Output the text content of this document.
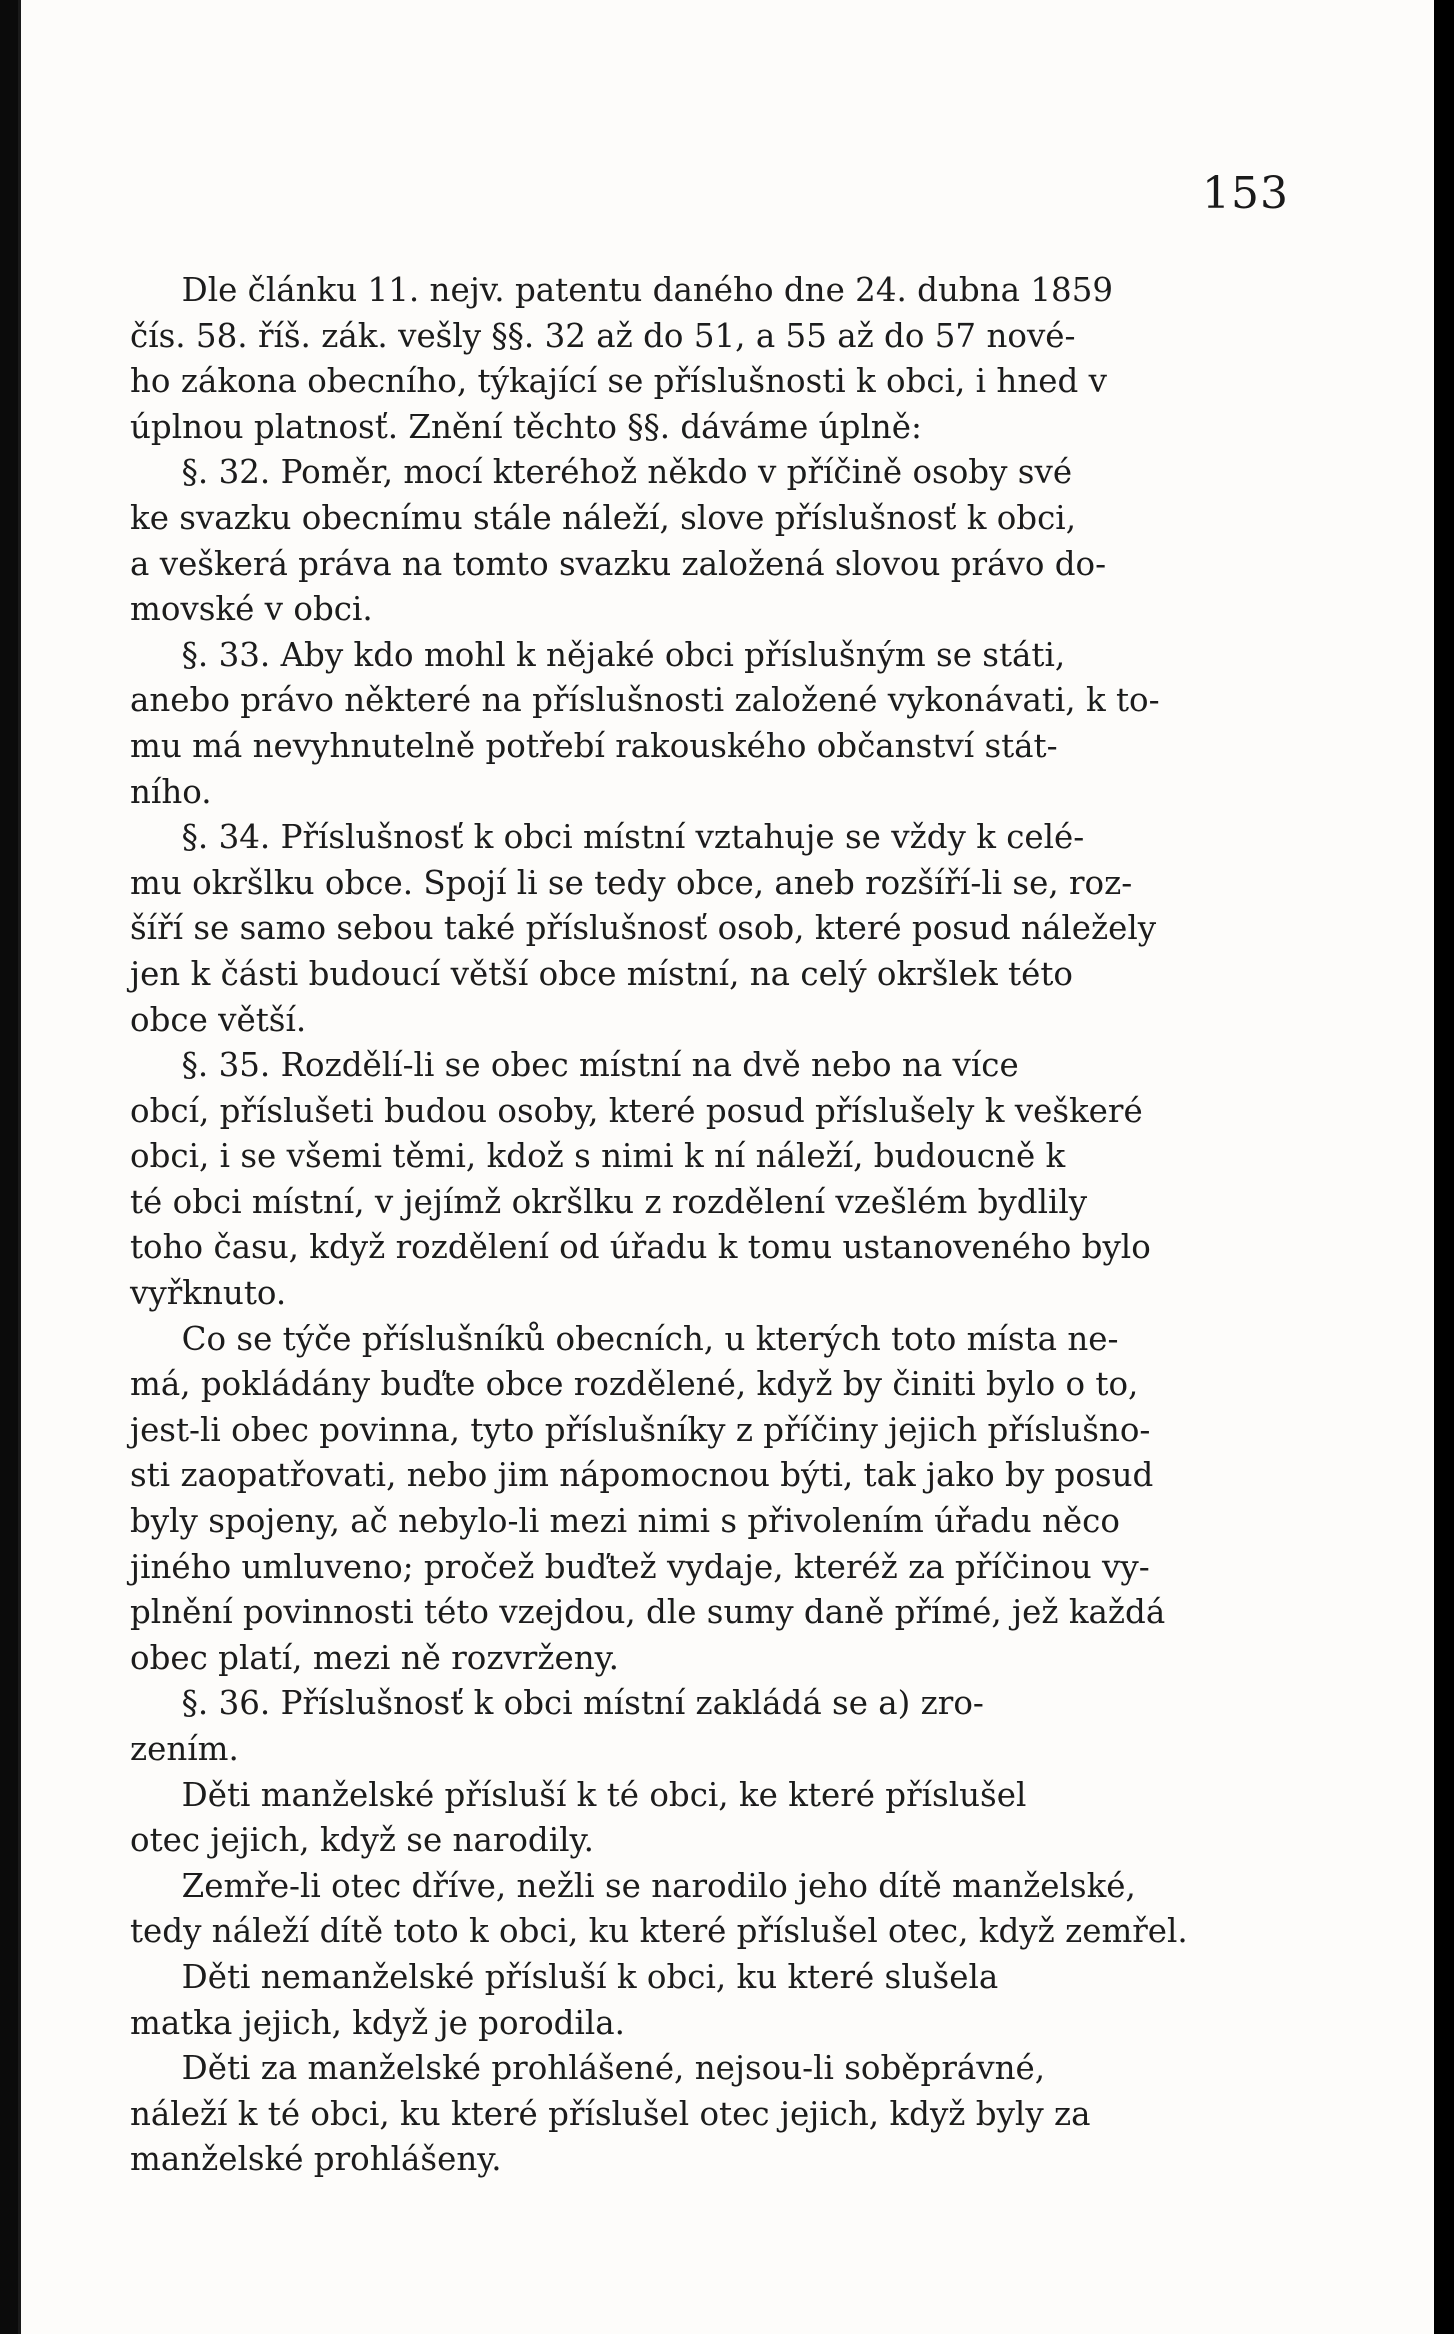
153
Dle článku 11. nejv. patentu daného dne 24. dubna 1859
čís. 58. říš. zák. vešly §§. 32 až do 51, a 55 až do 57 nové-
ho zákona obecního, týkající se příslušnosti k obci, i hned v
úplnou platnosť. Znění těchto §§. dáváme úplně:
§. 32. Poměr, mocí kteréhož někdo v příčině osoby své
ke svazku obecnímu stále náleží, slove příslušnosť k obci,
a veškerá práva na tomto svazku založená slovou právo do-
movské v obci.
§. 33. Aby kdo mohl k nějaké obci příslušným se státi,
anebo právo některé na příslušnosti založené vykonávati, k to-
mu má nevyhnutelně potřebí rakouského občanství stát-
ního.
§. 34. Příslušnosť k obci místní vztahuje se vždy k celé-
mu okršlku obce. Spojí li se tedy obce, aneb rozšíří-li se, roz-
šíří se samo sebou také příslušnosť osob, které posud náležely
jen k části budoucí větší obce místní, na celý okršlek této
obce větší.
§. 35. Rozdělí-li se obec místní na dvě nebo na více
obcí, příslušeti budou osoby, které posud příslušely k veškeré
obci, i se všemi těmi, kdož s nimi k ní náleží, budoucně k
té obci místní, v jejímž okršlku z rozdělení vzešlém bydlily
toho času, když rozdělení od úřadu k tomu ustanoveného bylo
vyřknuto.
Co se týče příslušníků obecních, u kterých toto místa ne-
má, pokládány buďte obce rozdělené, když by činiti bylo o to,
jest-li obec povinna, tyto příslušníky z příčiny jejich příslušno-
sti zaopatřovati, nebo jim nápomocnou býti, tak jako by posud
byly spojeny, ač nebylo-li mezi nimi s přivolením úřadu něco
jiného umluveno; pročež buďtež vydaje, kteréž za příčinou vy-
plnění povinnosti této vzejdou, dle sumy daně přímé, jež každá
obec platí, mezi ně rozvrženy.
§. 36. Příslušnosť k obci místní zakládá se a) zro-
zením.
Děti manželské přísluší k té obci, ke které příslušel
otec jejich, když se narodily.
Zemře-li otec dříve, nežli se narodilo jeho dítě manželské,
tedy náleží dítě toto k obci, ku které příslušel otec, když zemřel.
Děti nemanželské přísluší k obci, ku které slušela
matka jejich, když je porodila.
Děti za manželské prohlášené, nejsou-li soběprávné,
náleží k té obci, ku které příslušel otec jejich, když byly za
manželské prohlášeny.
